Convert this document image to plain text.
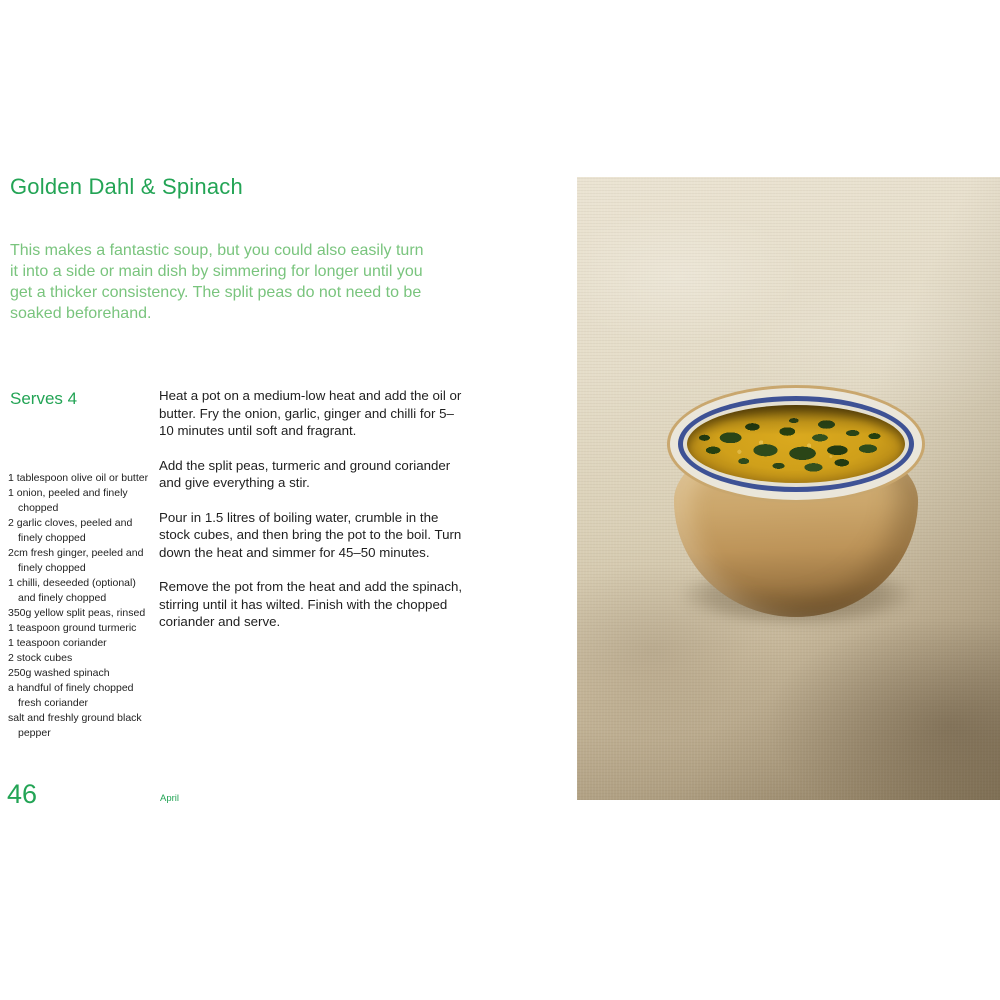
Golden Dahl & Spinach

This makes a fantastic soup, but you could also easily turn it into a side or main dish by simmering for longer until you get a thicker consistency. The split peas do not need to be soaked beforehand.

Serves 4
1 tablespoon olive oil or butter
1 onion, peeled and finely chopped
2 garlic cloves, peeled and finely chopped
2cm fresh ginger, peeled and finely chopped
1 chilli, deseeded (optional) and finely chopped
350g yellow split peas, rinsed
1 teaspoon ground turmeric
1 teaspoon coriander
2 stock cubes
250g washed spinach
a handful of finely chopped fresh coriander
salt and freshly ground black pepper
Heat a pot on a medium-low heat and add the oil or butter. Fry the onion, garlic, ginger and chilli for 5–10 minutes until soft and fragrant.
Add the split peas, turmeric and ground coriander and give everything a stir.
Pour in 1.5 litres of boiling water, crumble in the stock cubes, and then bring the pot to the boil. Turn down the heat and simmer for 45–50 minutes.
Remove the pot from the heat and add the spinach, stirring until it has wilted. Finish with the chopped coriander and serve.
46	April
